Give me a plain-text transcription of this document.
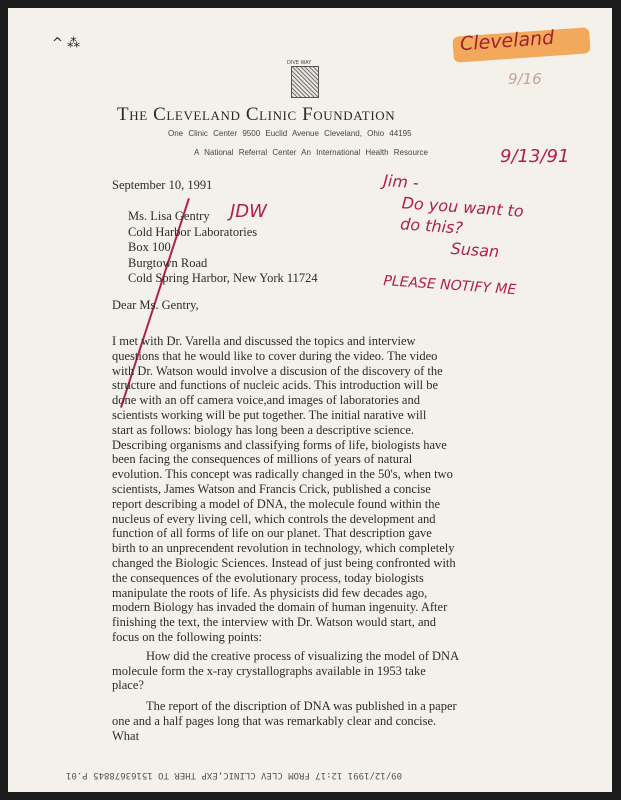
Cleveland
9/16
^ ⁂
DIVE WAY
The Cleveland Clinic Foundation
One Clinic Center 9500 Euclid Avenue Cleveland, Ohio 44195
A National Referral Center An International Health Resource	9/13/91
September 10, 1991
Ms. Lisa Gentry
Cold Harbor Laboratories
Box 100
Burgtown Road
Cold Spring Harbor, New York 11724
JDW
Jim -
Do you want to
do this?
Susan
PLEASE NOTIFY ME
Dear Ms. Gentry,
I met with Dr. Varella and discussed the topics and interview
questions that he would like to cover during the video. The video
with Dr. Watson would involve a discusion of the discovery of the
structure and functions of nucleic acids. This introduction will be
done with an off camera voice,and images of laboratories and
scientists working will be put together. The initial narative will
start as follows: biology has long been a descriptive science.
Describing organisms and classifying forms of life, biologists have
been facing the consequences of millions of years of natural
evolution. This concept was radically changed in the 50's, when two
scientists, James Watson and Francis Crick, published a concise
report describing a model of DNA, the molecule found within the
nucleus of every living cell, which controls the development and
function of all forms of life on our planet. That description gave
birth to an unprecendent revolution in technology, which completely
changed the Biologic Sciences. Instead of just being confronted with
the consequences of the evolutionary process, today biologists
manipulate the roots of life. As physicists did few decades ago,
modern Biology has invaded the domain of human ingenuity. After
finishing the text, the interview with Dr. Watson would start, and
focus on the following points:
How did the creative process of visualizing the model of DNA
molecule form the x-ray crystallographs available in 1953 take
place?
The report of the discription of DNA was published in a paper
one and a half pages long that was remarkably clear and concise.
What
09/12/1991 12:17 FROM CLEV CLINIC,EXP THER TO 15163678845 P.01
